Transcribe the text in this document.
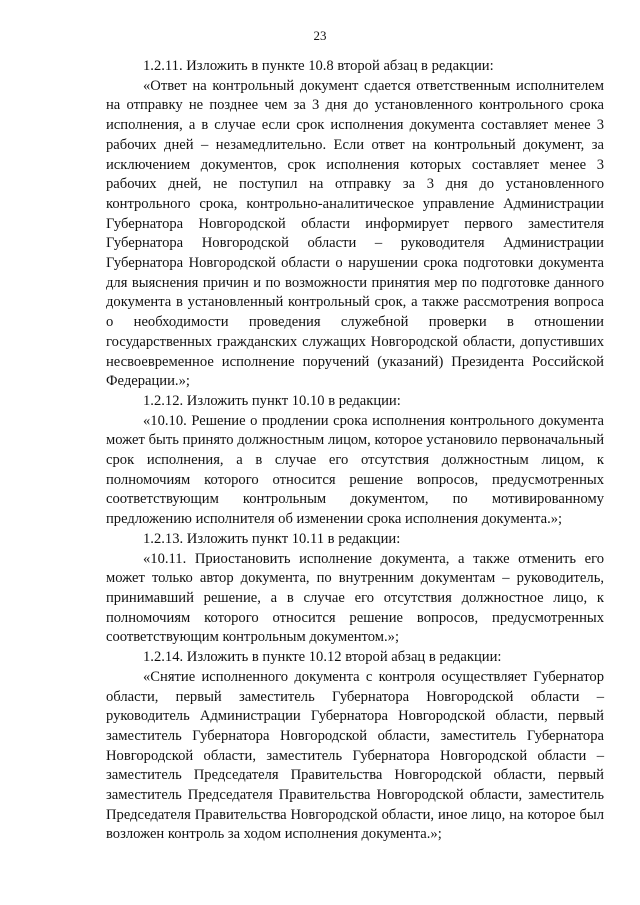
23

1.2.11. Изложить в пункте 10.8 второй абзац в редакции:

«Ответ на контрольный документ сдается ответственным исполнителем на отправку не позднее чем за 3 дня до установленного контрольного срока исполнения, а в случае если срок исполнения документа составляет менее 3 рабочих дней – незамедлительно. Если ответ на контрольный документ, за исключением документов, срок исполнения которых составляет менее 3 рабочих дней, не поступил на отправку за 3 дня до установленного контрольного срока, контрольно-аналитическое управление Администрации Губернатора Новгородской области информирует первого заместителя Губернатора Новгородской области – руководителя Администрации Губернатора Новгородской области о нарушении срока подготовки документа для выяснения причин и по возможности принятия мер по подготовке данного документа в установленный контрольный срок, а также рассмотрения вопроса о необходимости проведения служебной проверки в отношении государственных гражданских служащих Новгородской области, допустивших несвоевременное исполнение поручений (указаний) Президента Российской Федерации.»;

1.2.12. Изложить пункт 10.10 в редакции:

«10.10. Решение о продлении срока исполнения контрольного документа может быть принято должностным лицом, которое установило первоначальный срок исполнения, а в случае его отсутствия должностным лицом, к полномочиям которого относится решение вопросов, предусмотренных соответствующим контрольным документом, по мотивированному предложению исполнителя об изменении срока исполнения документа.»;

1.2.13. Изложить пункт 10.11 в редакции:

«10.11. Приостановить исполнение документа, а также отменить его может только автор документа, по внутренним документам – руководитель, принимавший решение, а в случае его отсутствия должностное лицо, к полномочиям которого относится решение вопросов, предусмотренных соответствующим контрольным документом.»;

1.2.14. Изложить в пункте 10.12 второй абзац в редакции:

«Снятие исполненного документа с контроля осуществляет Губернатор области, первый заместитель Губернатора Новгородской области – руководитель Администрации Губернатора Новгородской области, первый заместитель Губернатора Новгородской области, заместитель Губернатора Новгородской области, заместитель Губернатора Новгородской области – заместитель Председателя Правительства Новгородской области, первый заместитель Председателя Правительства Новгородской области, заместитель Председателя Правительства Новгородской области, иное лицо, на которое был возложен контроль за ходом исполнения документа.»;
